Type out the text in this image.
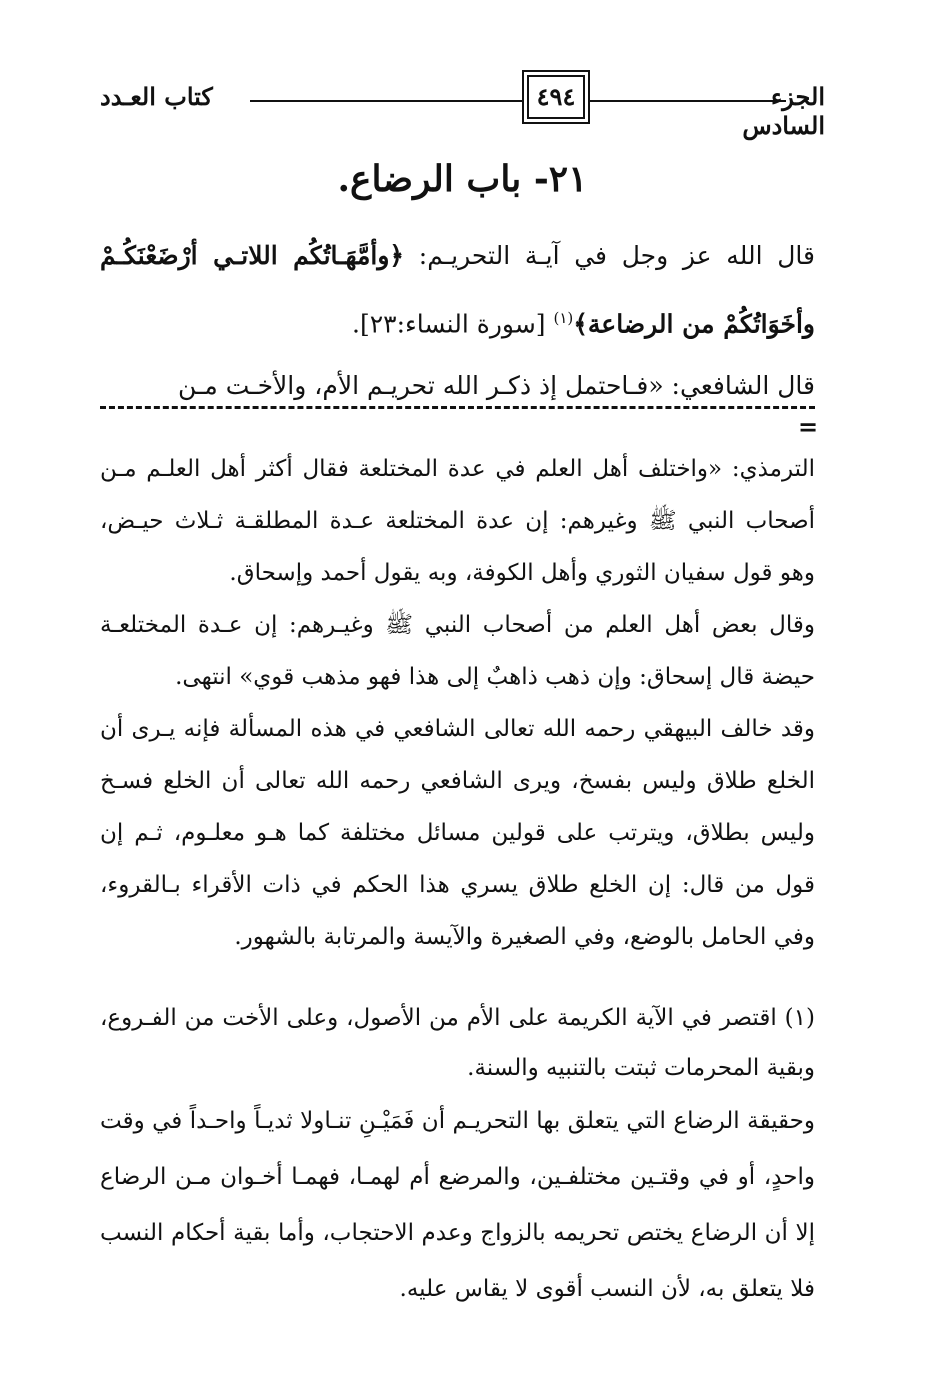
كتاب العـدد	٤٩٤	الجزء السادس
٢١- باب الرضاع.

قال الله عز وجل في آيـة التحريـم: ﴿وأمَّهَـاتُكُم اللاتـي أرْضَعْنَكُـمْ وأخَوَاتُكُمْ من الرضاعة﴾$^{(١)}$ [سورة النساء:٢٣].

قال الشافعي: «فـاحتمل إذ ذكـر الله تحريـم الأم، والأخـت مـن

=

الترمذي: «واختلف أهل العلم في عدة المختلعة فقال أكثر أهل العلـم مـن أصحاب النبي ﷺ وغيرهم: إن عدة المختلعة عـدة المطلقـة ثـلاث حيـض، وهو قول سفيان الثوري وأهل الكوفة، وبه يقول أحمد وإسحاق.

وقال بعض أهل العلم من أصحاب النبي ﷺ وغيـرهم: إن عـدة المختلعـة حيضة قال إسحاق: وإن ذهب ذاهبٌ إلى هذا فهو مذهب قوي» انتهى.

وقد خالف البيهقي رحمه الله تعالى الشافعي في هذه المسألة فإنه يـرى أن الخلع طلاق وليس بفسخ، ويرى الشافعي رحمه الله تعالى أن الخلع فسـخ وليس بطلاق، ويترتب على قولين مسائل مختلفة كما هـو معلـوم، ثـم إن قول من قال: إن الخلع طلاق يسري هذا الحكم في ذات الأقراء بـالقروء، وفي الحامل بالوضع، وفي الصغيرة والآيسة والمرتابة بالشهور.

(١) اقتصر في الآية الكريمة على الأم من الأصول، وعلى الأخت من الفـروع، وبقية المحرمات ثبتت بالتنبيه والسنة.

وحقيقة الرضاع التي يتعلق بها التحريـم أن فَمَيْـنِ تنـاولا ثديـاً واحـداً في وقت واحدٍ، أو في وقتـين مختلفـين، والمرضع أم لهمـا، فهمـا أخـوان مـن الرضاع إلا أن الرضاع يختص تحريمه بالزواج وعدم الاحتجاب، وأما بقية أحكام النسب فلا يتعلق به، لأن النسب أقوى لا يقاس عليه.
